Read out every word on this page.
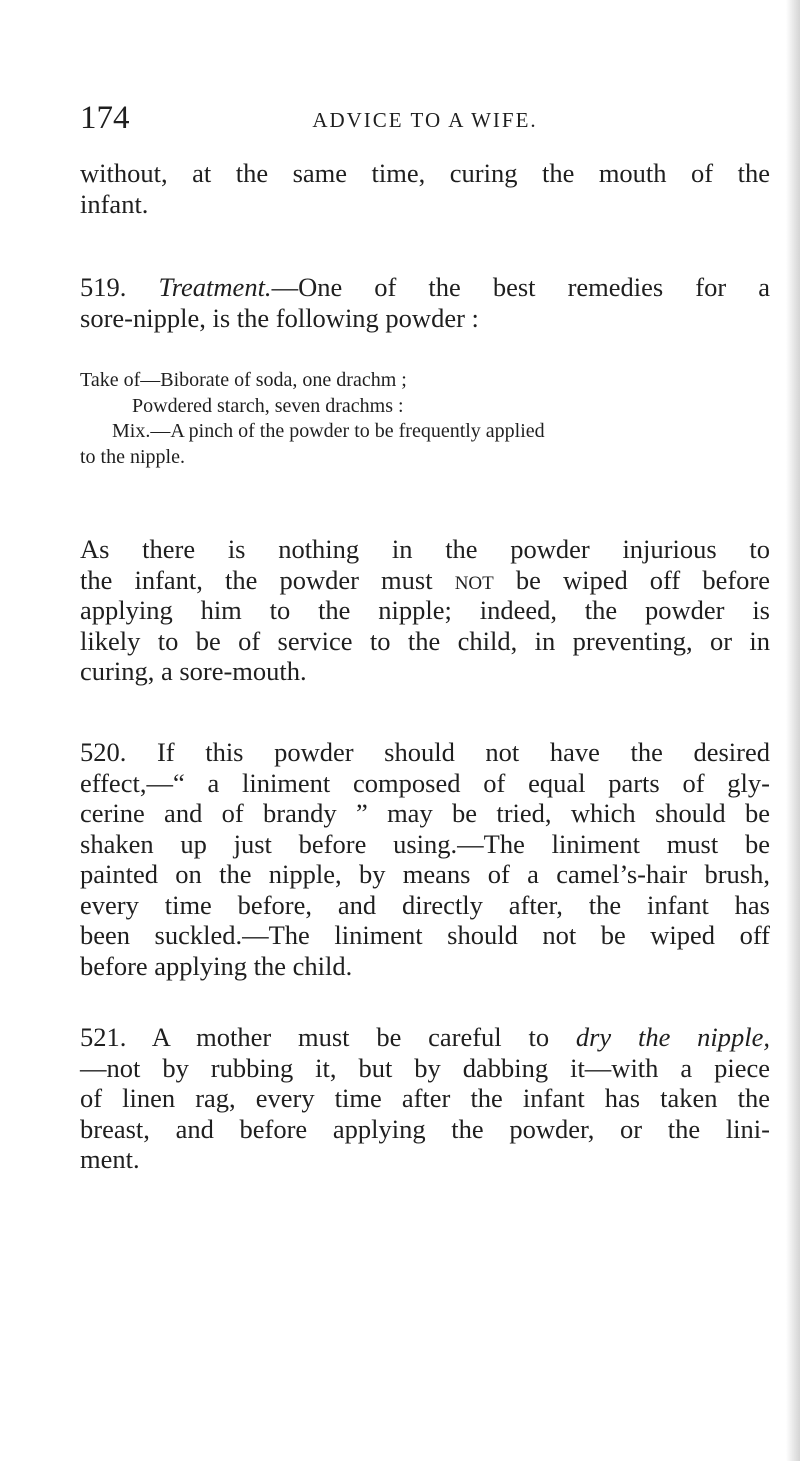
174	ADVICE TO A WIFE.

without, at the same time, curing the mouth of the
infant.

519. Treatment.—One of the best remedies for a
sore-nipple, is the following powder :

Take of—Biborate of soda, one drachm ;
Powdered starch, seven drachms :
Mix.—A pinch of the powder to be frequently applied
to the nipple.

As there is nothing in the powder injurious to
the infant, the powder must not be wiped off before
applying him to the nipple; indeed, the powder is
likely to be of service to the child, in preventing, or in
curing, a sore-mouth.

520. If this powder should not have the desired
effect,—“ a liniment composed of equal parts of gly-
cerine and of brandy ” may be tried, which should be
shaken up just before using.—The liniment must be
painted on the nipple, by means of a camel’s-hair brush,
every time before, and directly after, the infant has
been suckled.—The liniment should not be wiped off
before applying the child.

521. A mother must be careful to dry the nipple,
—not by rubbing it, but by dabbing it—with a piece
of linen rag, every time after the infant has taken the
breast, and before applying the powder, or the lini-
ment.
